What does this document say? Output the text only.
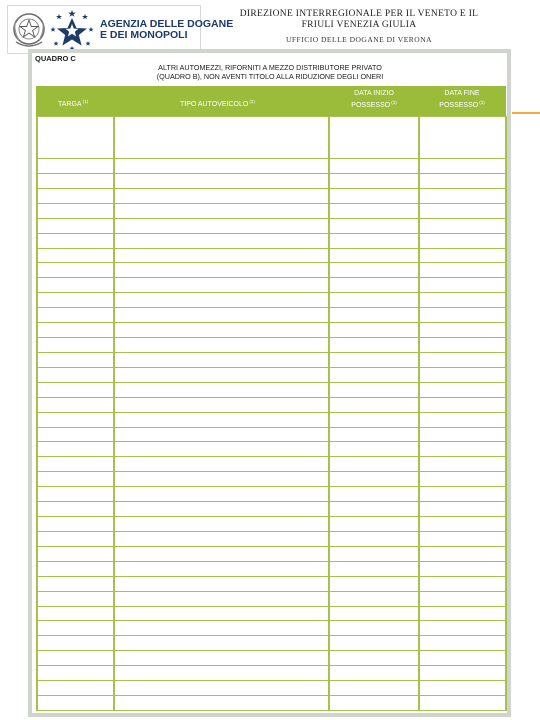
AGENZIA DELLE DOGANE
E DEI MONOPOLI
DIREZIONE INTERREGIONALE PER IL VENETO E IL
FRIULI VENEZIA GIULIA
UFFICIO DELLE DOGANE DI VERONA
QUADRO C
ALTRI AUTOMEZZI, RIFORNITI A MEZZO DISTRIBUTORE PRIVATO
(QUADRO B), NON AVENTI TITOLO ALLA RIDUZIONE DEGLI ONERI
TARGA$^{(1)}$	TIPO AUTOVEICOLO$^{(2)}$
DATA INIZIO
POSSESSO$^{(3)}$
DATA FINE
POSSESSO$^{(3)}$
